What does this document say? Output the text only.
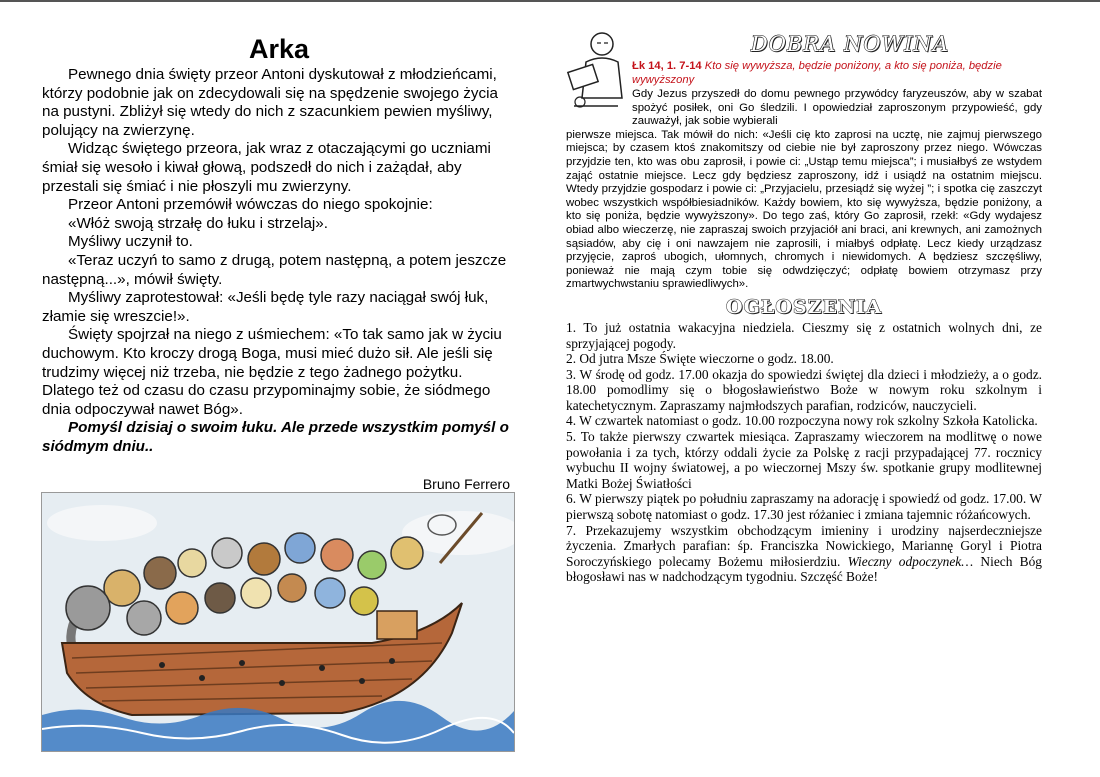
Arka

Pewnego dnia święty przeor Antoni dyskutował z młodzieńcami, którzy podobnie jak on zdecydowali się na spędzenie swojego życia na pustyni. Zbliżył się wtedy do nich z szacunkiem pewien myśliwy, polujący na zwierzynę.

Widząc świętego przeora, jak wraz z otaczającymi go uczniami śmiał się wesoło i kiwał głową, podszedł do nich i zażądał, aby przestali się śmiać i nie płoszyli mu zwierzyny.

Przeor Antoni przemówił wówczas do niego spokojnie:

«Włóż swoją strzałę do łuku i strzelaj».

Myśliwy uczynił to.

«Teraz uczyń to samo z drugą, potem następną, a potem jeszcze następną...», mówił święty.

Myśliwy zaprotestował: «Jeśli będę tyle razy naciągał swój łuk, złamie się wreszcie!».

Święty spojrzał na niego z uśmiechem: «To tak samo jak w życiu duchowym. Kto kroczy drogą Boga, musi mieć dużo sił. Ale jeśli się trudzimy więcej niż trzeba, nie będzie z tego żadnego pożytku. Dlatego też od czasu do czasu przypominajmy sobie, że siódmego dnia odpoczywał nawet Bóg».

Pomyśl dzisiaj o swoim łuku. Ale przede wszystkim pomyśl o siódmym dniu..

Bruno Ferrero
DOBRA NOWINA
Łk 14, 1. 7-14 Kto się wywyższa, będzie poniżony, a kto się poniża, będzie wywyższony
Gdy Jezus przyszedł do domu pewnego przywódcy faryzeuszów, aby w szabat spożyć posiłek, oni Go śledzili. I opowiedział zaproszonym przypowieść, gdy zauważył, jak sobie wybierali
pierwsze miejsca. Tak mówił do nich: «Jeśli cię kto zaprosi na ucztę, nie zajmuj pierwszego miejsca; by czasem ktoś znakomitszy od ciebie nie był zaproszony przez niego. Wówczas przyjdzie ten, kto was obu zaprosił, i powie ci: „Ustąp temu miejsca”; i musiałbyś ze wstydem zająć ostatnie miejsce. Lecz gdy będziesz zaproszony, idź i usiądź na ostatnim miejscu. Wtedy przyjdzie gospodarz i powie ci: „Przyjacielu, przesiądź się wyżej ”; i spotka cię zaszczyt wobec wszystkich współbiesiadników. Każdy bowiem, kto się wywyższa, będzie poniżony, a kto się poniża, będzie wywyższony». Do tego zaś, który Go zaprosił, rzekł: «Gdy wydajesz obiad albo wieczerzę, nie zapraszaj swoich przyjaciół ani braci, ani krewnych, ani zamożnych sąsiadów, aby cię i oni nawzajem nie zaprosili, i miałbyś odpłatę. Lecz kiedy urządzasz przyjęcie, zaproś ubogich, ułomnych, chromych i niewidomych. A będziesz szczęśliwy, ponieważ nie mają czym tobie się odwdzięczyć; odpłatę bowiem otrzymasz przy zmartwychwstaniu sprawiedliwych».
OGŁOSZENIA

1. To już ostatnia wakacyjna niedziela. Cieszmy się z ostatnich wolnych dni, ze sprzyjającej pogody.

2. Od jutra Msze Święte wieczorne o godz. 18.00.

3. W środę od godz. 17.00 okazja do spowiedzi świętej dla dzieci i młodzieży, a o godz. 18.00 pomodlimy się o błogosławieństwo Boże w nowym roku szkolnym i katechetycznym. Zapraszamy najmłodszych parafian, rodziców, nauczycieli.

4. W czwartek natomiast o godz. 10.00 rozpoczyna nowy rok szkolny Szkoła Katolicka.

5. To także pierwszy czwartek miesiąca. Zapraszamy wieczorem na modlitwę o nowe powołania i za tych, którzy oddali życie za Polskę z racji przypadającej 77. rocznicy wybuchu II wojny światowej, a po wieczornej Mszy św. spotkanie grupy modlitewnej Matki Bożej Światłości

6. W pierwszy piątek po południu zapraszamy na adorację i spowiedź od godz. 17.00. W pierwszą sobotę natomiast o godz. 17.30 jest różaniec i zmiana tajemnic różańcowych.

7. Przekazujemy wszystkim obchodzącym imieniny i urodziny najserdeczniejsze życzenia. Zmarłych parafian: śp. Franciszka Nowickiego, Mariannę Goryl i Piotra Soroczyńskiego polecamy Bożemu miłosierdziu. Wieczny odpoczynek… Niech Bóg błogosławi nas w nadchodzącym tygodniu. Szczęść Boże!
